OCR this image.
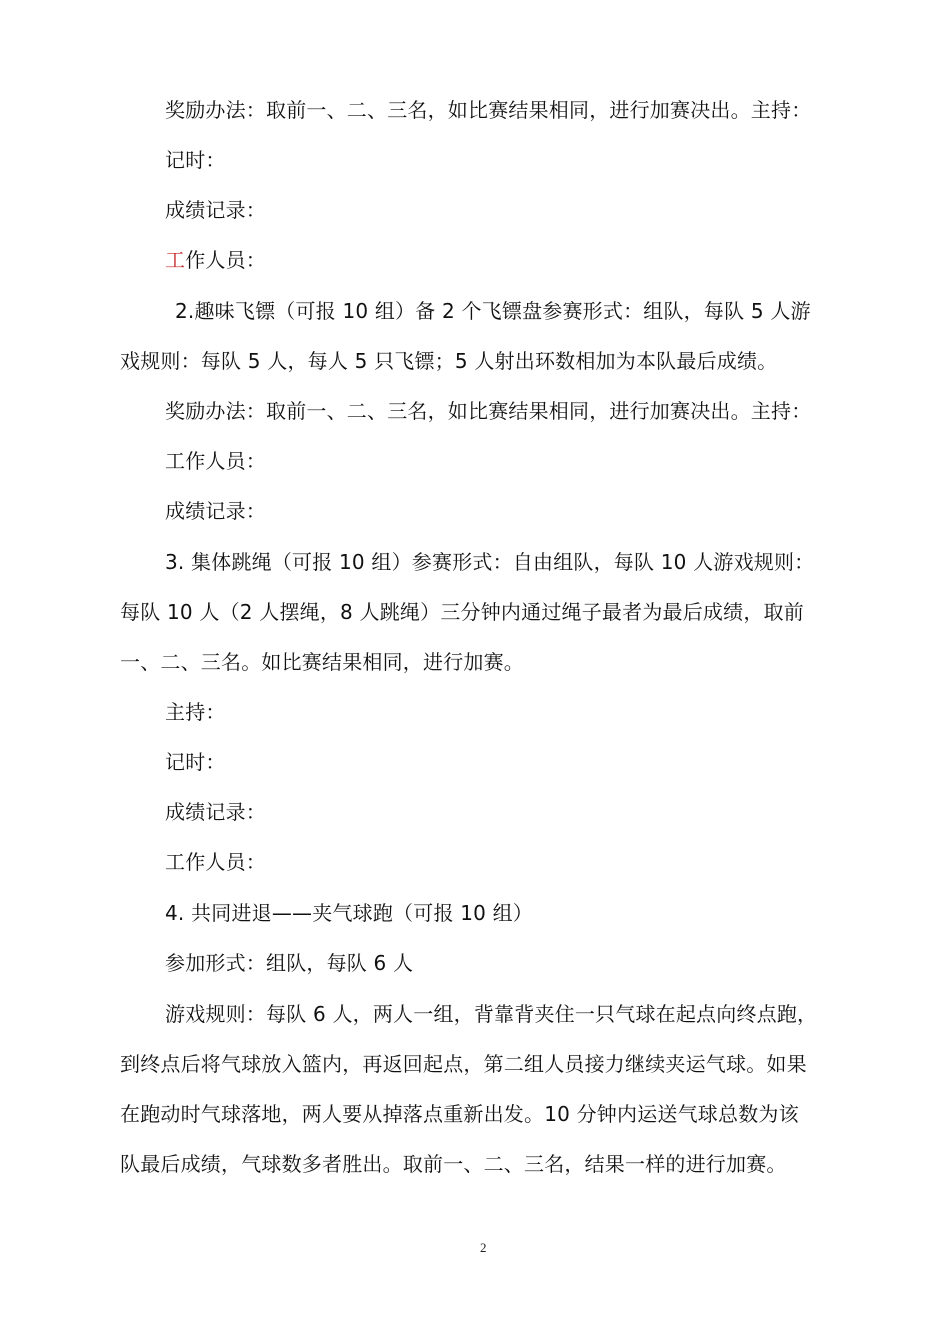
奖励办法：取前一、二、三名，如比赛结果相同，进行加赛决出。主持：
记时：
成绩记录：
工作人员：
2.趣味飞镖（可报 10 组）备 2 个飞镖盘参赛形式：组队，每队 5 人游
戏规则：每队 5 人，每人 5 只飞镖；5 人射出环数相加为本队最后成绩。
奖励办法：取前一、二、三名，如比赛结果相同，进行加赛决出。主持：
工作人员：
成绩记录：
3. 集体跳绳（可报 10 组）参赛形式：自由组队，每队 10 人游戏规则：
每队 10 人（2 人摆绳，8 人跳绳）三分钟内通过绳子最者为最后成绩，取前
一、二、三名。如比赛结果相同，进行加赛。
主持：
记时：
成绩记录：
工作人员：
4. 共同进退——夹气球跑（可报 10 组）
参加形式：组队，每队 6 人
游戏规则：每队 6 人，两人一组，背靠背夹住一只气球在起点向终点跑，
到终点后将气球放入篮内，再返回起点，第二组人员接力继续夹运气球。如果
在跑动时气球落地，两人要从掉落点重新出发。10 分钟内运送气球总数为该
队最后成绩，气球数多者胜出。取前一、二、三名，结果一样的进行加赛。
2
